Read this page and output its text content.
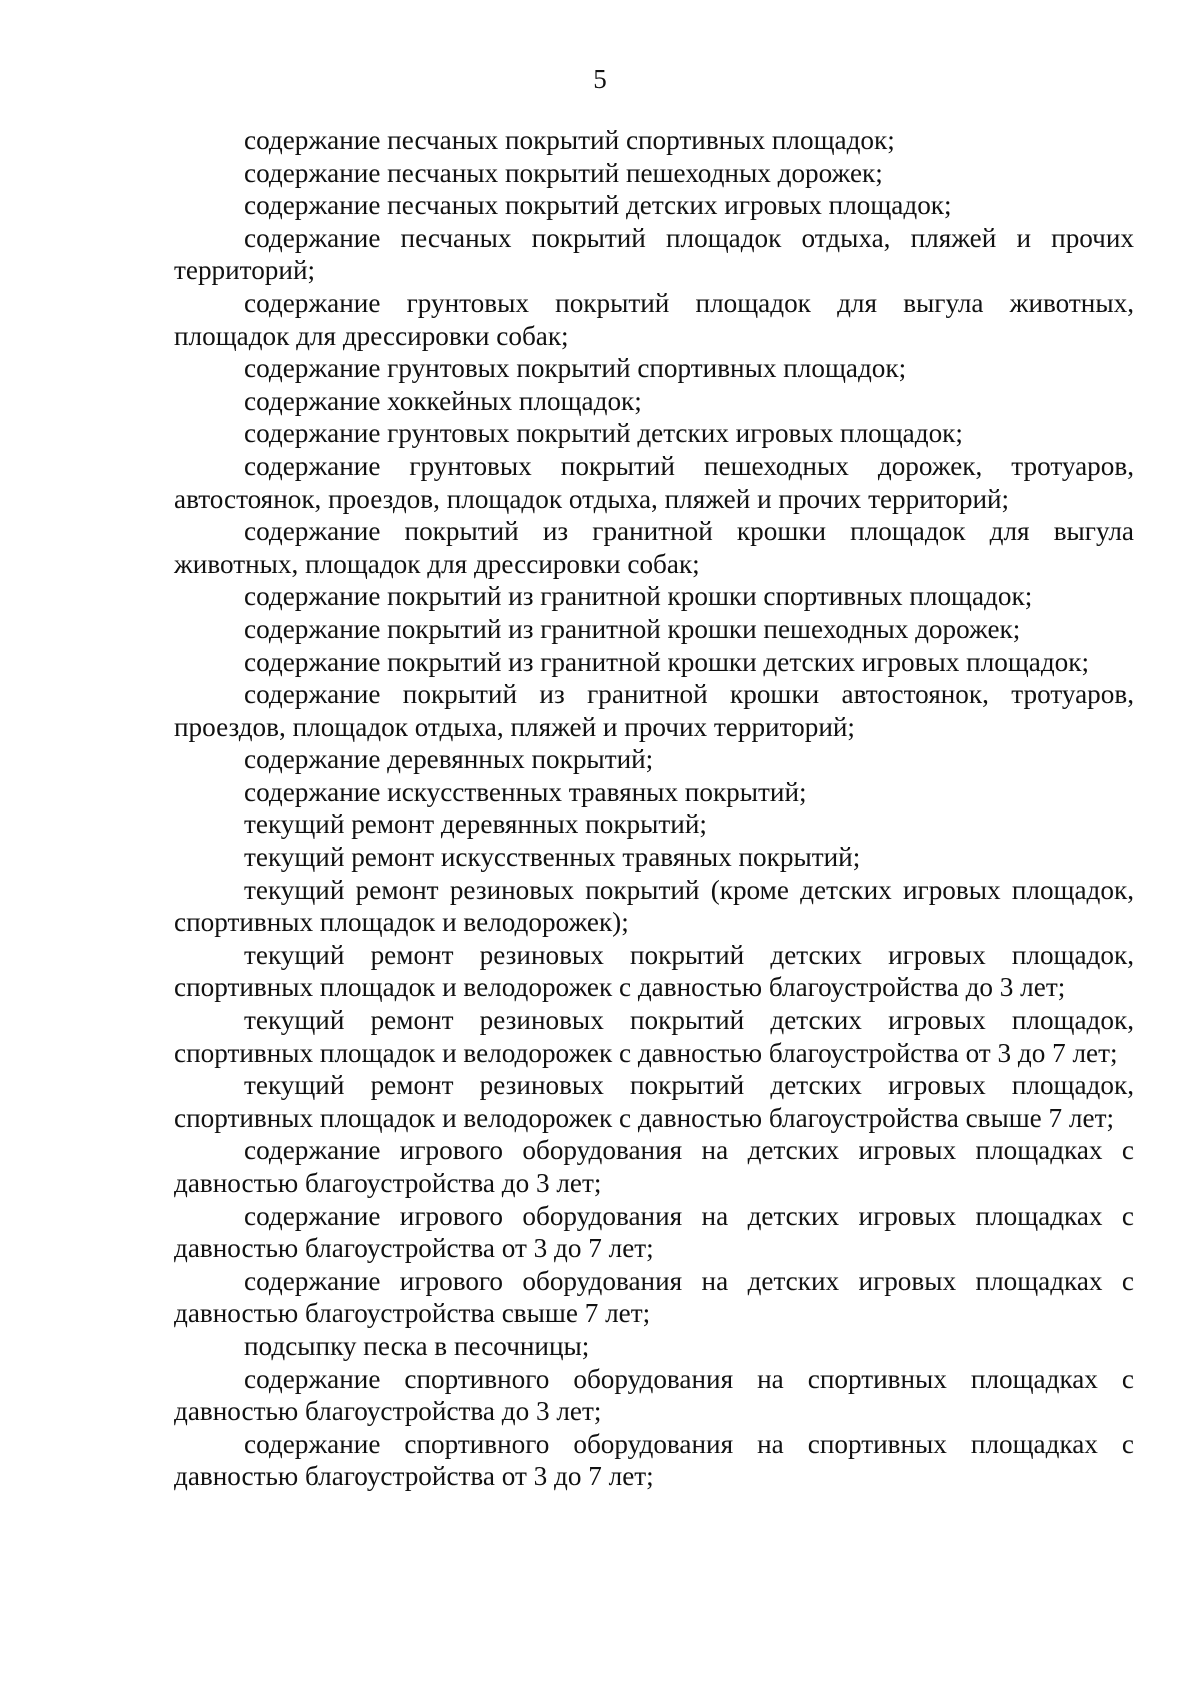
5

содержание песчаных покрытий спортивных площадок;

содержание песчаных покрытий пешеходных дорожек;

содержание песчаных покрытий детских игровых площадок;

содержание песчаных покрытий площадок отдыха, пляжей и прочих территорий;

содержание грунтовых покрытий площадок для выгула животных, площадок для дрессировки собак;

содержание грунтовых покрытий спортивных площадок;

содержание хоккейных площадок;

содержание грунтовых покрытий детских игровых площадок;

содержание грунтовых покрытий пешеходных дорожек, тротуаров, автостоянок, проездов, площадок отдыха, пляжей и прочих территорий;

содержание покрытий из гранитной крошки площадок для выгула животных, площадок для дрессировки собак;

содержание покрытий из гранитной крошки спортивных площадок;

содержание покрытий из гранитной крошки пешеходных дорожек;

содержание покрытий из гранитной крошки детских игровых площадок;

содержание покрытий из гранитной крошки автостоянок, тротуаров, проездов, площадок отдыха, пляжей и прочих территорий;

содержание деревянных покрытий;

содержание искусственных травяных покрытий;

текущий ремонт деревянных покрытий;

текущий ремонт искусственных травяных покрытий;

текущий ремонт резиновых покрытий (кроме детских игровых площадок, спортивных площадок и велодорожек);

текущий ремонт резиновых покрытий детских игровых площадок, спортивных площадок и велодорожек с давностью благоустройства до 3 лет;

текущий ремонт резиновых покрытий детских игровых площадок, спортивных площадок и велодорожек с давностью благоустройства от 3 до 7 лет;

текущий ремонт резиновых покрытий детских игровых площадок, спортивных площадок и велодорожек с давностью благоустройства свыше 7 лет;

содержание игрового оборудования на детских игровых площадках с давностью благоустройства до 3 лет;

содержание игрового оборудования на детских игровых площадках с давностью благоустройства от 3 до 7 лет;

содержание игрового оборудования на детских игровых площадках с давностью благоустройства свыше 7 лет;

подсыпку песка в песочницы;

содержание спортивного оборудования на спортивных площадках с давностью благоустройства до 3 лет;

содержание спортивного оборудования на спортивных площадках с давностью благоустройства от 3 до 7 лет;
